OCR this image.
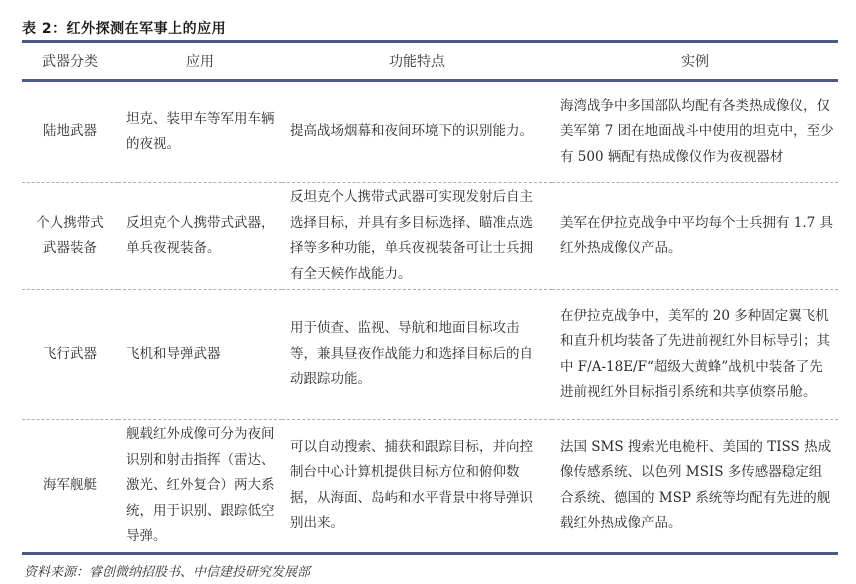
表 2：红外探测在军事上的应用
武器分类	应用	功能特点	实例
陆地武器	坦克、装甲车等军用车辆的夜视。	提高战场烟幕和夜间环境下的识别能力。	海湾战争中多国部队均配有各类热成像仪，仅美军第 7 团在地面战斗中使用的坦克中，至少有 500 辆配有热成像仪作为夜视器材
个人携带式武器装备	反坦克个人携带式武器，单兵夜视装备。	反坦克个人携带式武器可实现发射后自主选择目标，并具有多目标选择、瞄准点选择等多种功能，单兵夜视装备可让士兵拥有全天候作战能力。	美军在伊拉克战争中平均每个士兵拥有 1.7 具红外热成像仪产品。
飞行武器	飞机和导弹武器	用于侦查、监视、导航和地面目标攻击等，兼具昼夜作战能力和选择目标后的自动跟踪功能。	在伊拉克战争中，美军的 20 多种固定翼飞机和直升机均装备了先进前视红外目标导引；其中 F/A-18E/F“超级大黄蜂”战机中装备了先进前视红外目标指引系统和共享侦察吊舱。
海军舰艇	舰载红外成像可分为夜间识别和射击指挥（雷达、激光、红外复合）两大系统，用于识别、跟踪低空导弹。	可以自动搜索、捕获和跟踪目标，并向控制台中心计算机提供目标方位和俯仰数据，从海面、岛屿和水平背景中将导弹识别出来。	法国 SMS 搜索光电桅杆、美国的 TISS 热成像传感系统、以色列 MSIS 多传感器稳定组合系统、德国的 MSP 系统等均配有先进的舰载红外热成像产品。
资料来源：睿创微纳招股书、中信建投研究发展部
